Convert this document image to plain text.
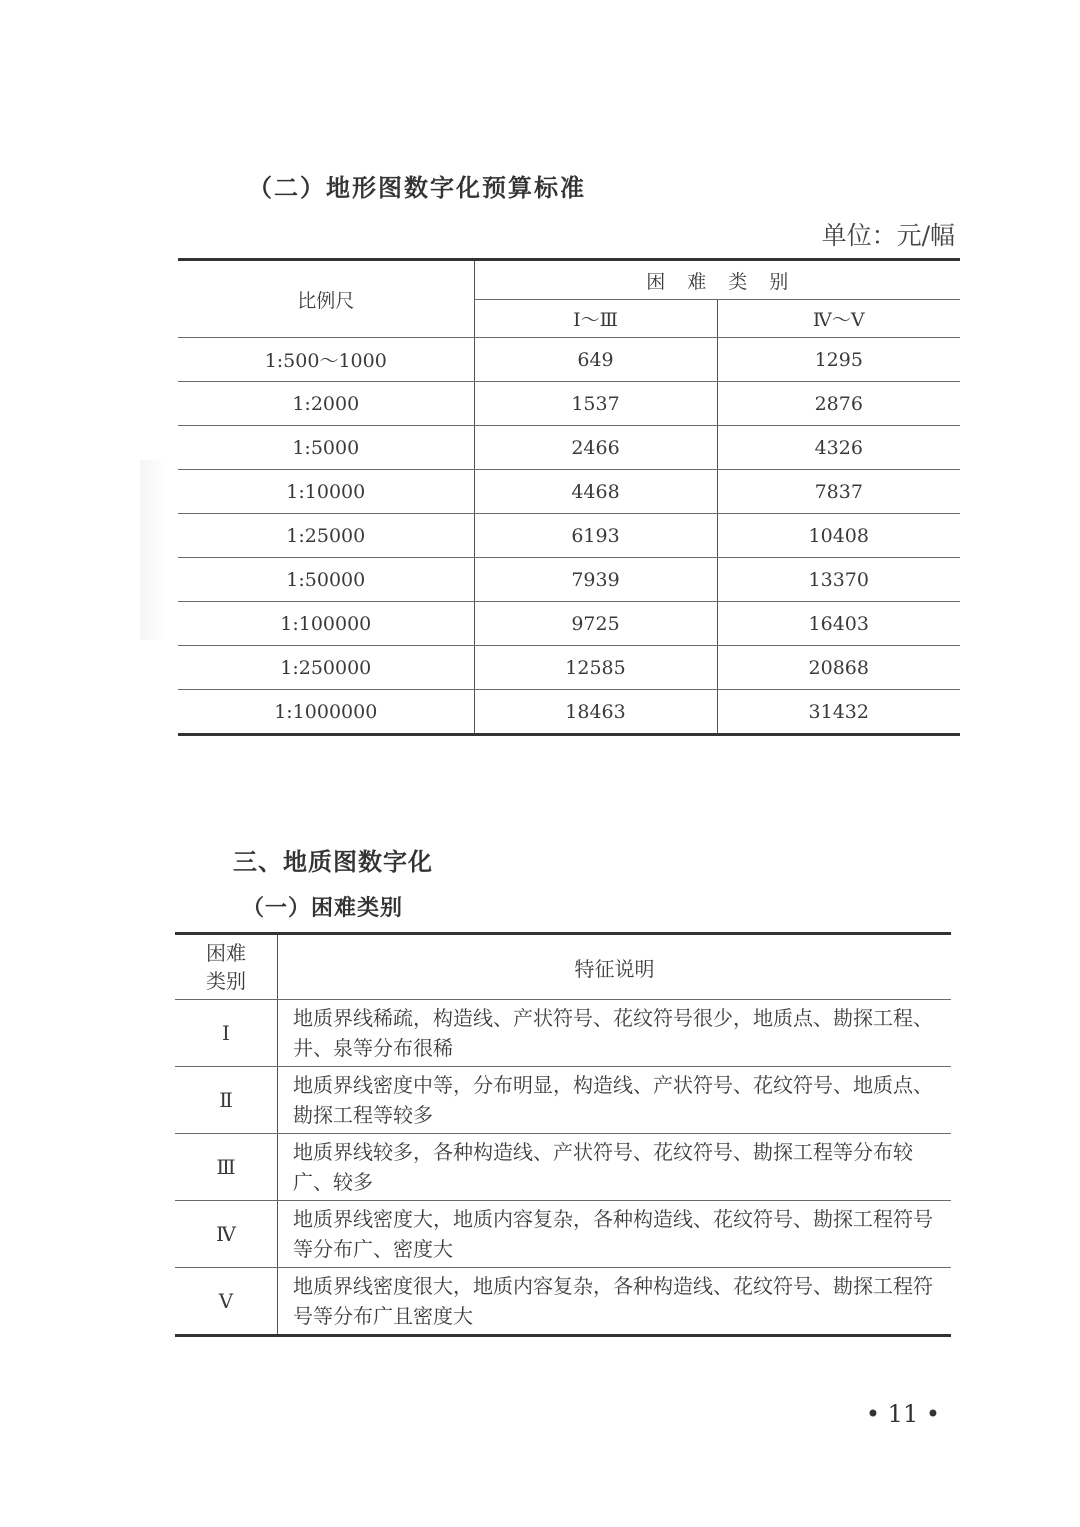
（二）地形图数字化预算标准
单位：元/幅
比例尺	困难类别	
	Ⅰ～Ⅲ	Ⅳ～Ⅴ
1:500～1000	649	1295
1:2000	1537	2876
1:5000	2466	4326
1:10000	4468	7837
1:25000	6193	10408
1:50000	7939	13370
1:100000	9725	16403
1:250000	12585	20868
1:1000000	18463	31432
三、地质图数字化
（一）困难类别
困难
类别	特征说明
Ⅰ	地质界线稀疏，构造线、产状符号、花纹符号很少，地质点、勘探工程、井、泉等分布很稀
Ⅱ	地质界线密度中等，分布明显，构造线、产状符号、花纹符号、地质点、勘探工程等较多
Ⅲ	地质界线较多，各种构造线、产状符号、花纹符号、勘探工程等分布较广、较多
Ⅳ	地质界线密度大，地质内容复杂，各种构造线、花纹符号、勘探工程符号等分布广、密度大
Ⅴ	地质界线密度很大，地质内容复杂，各种构造线、花纹符号、勘探工程符号等分布广且密度大
• 11 •
